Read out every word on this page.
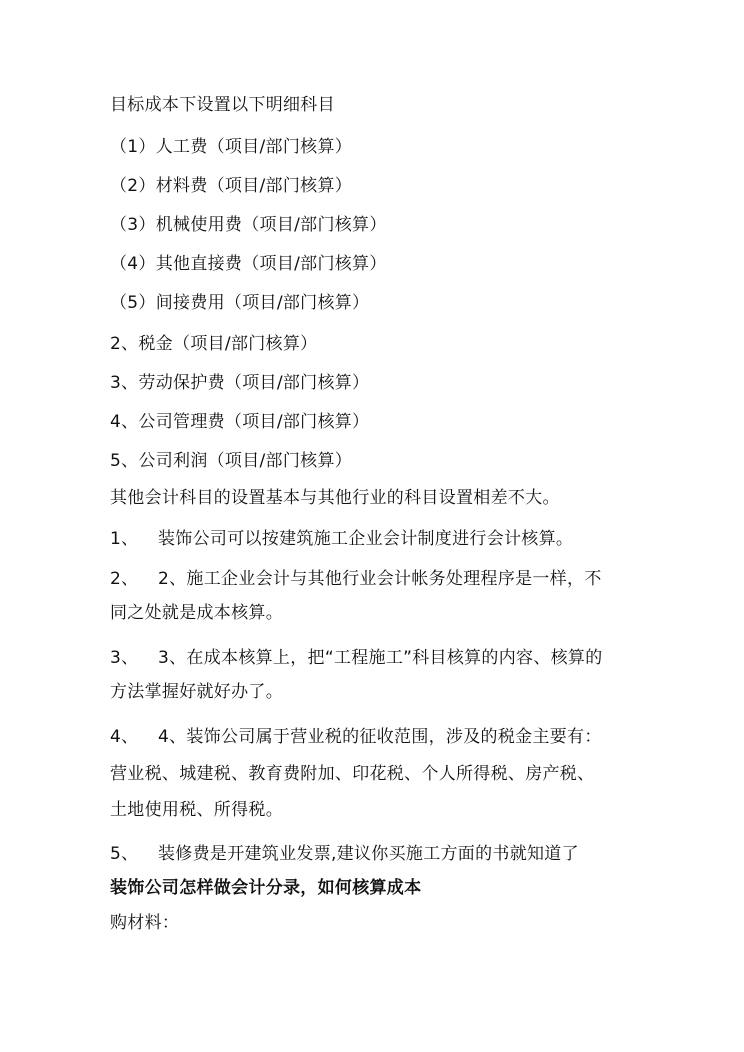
目标成本下设置以下明细科目
（1）人工费（项目/部门核算）
（2）材料费（项目/部门核算）
（3）机械使用费（项目/部门核算）
（4）其他直接费（项目/部门核算）
（5）间接费用（项目/部门核算）
2、税金（项目/部门核算）
3、劳动保护费（项目/部门核算）
4、公司管理费（项目/部门核算）
5、公司利润（项目/部门核算）
其他会计科目的设置基本与其他行业的科目设置相差不大。
1、 装饰公司可以按建筑施工企业会计制度进行会计核算。
2、 2、施工企业会计与其他行业会计帐务处理程序是一样，不
同之处就是成本核算。
3、 3、在成本核算上，把“工程施工”科目核算的内容、核算的
方法掌握好就好办了。
4、 4、装饰公司属于营业税的征收范围，涉及的税金主要有：
营业税、城建税、教育费附加、印花税、个人所得税、房产税、
土地使用税、所得税。
5、 装修费是开建筑业发票,建议你买施工方面的书就知道了
装饰公司怎样做会计分录，如何核算成本
购材料：
